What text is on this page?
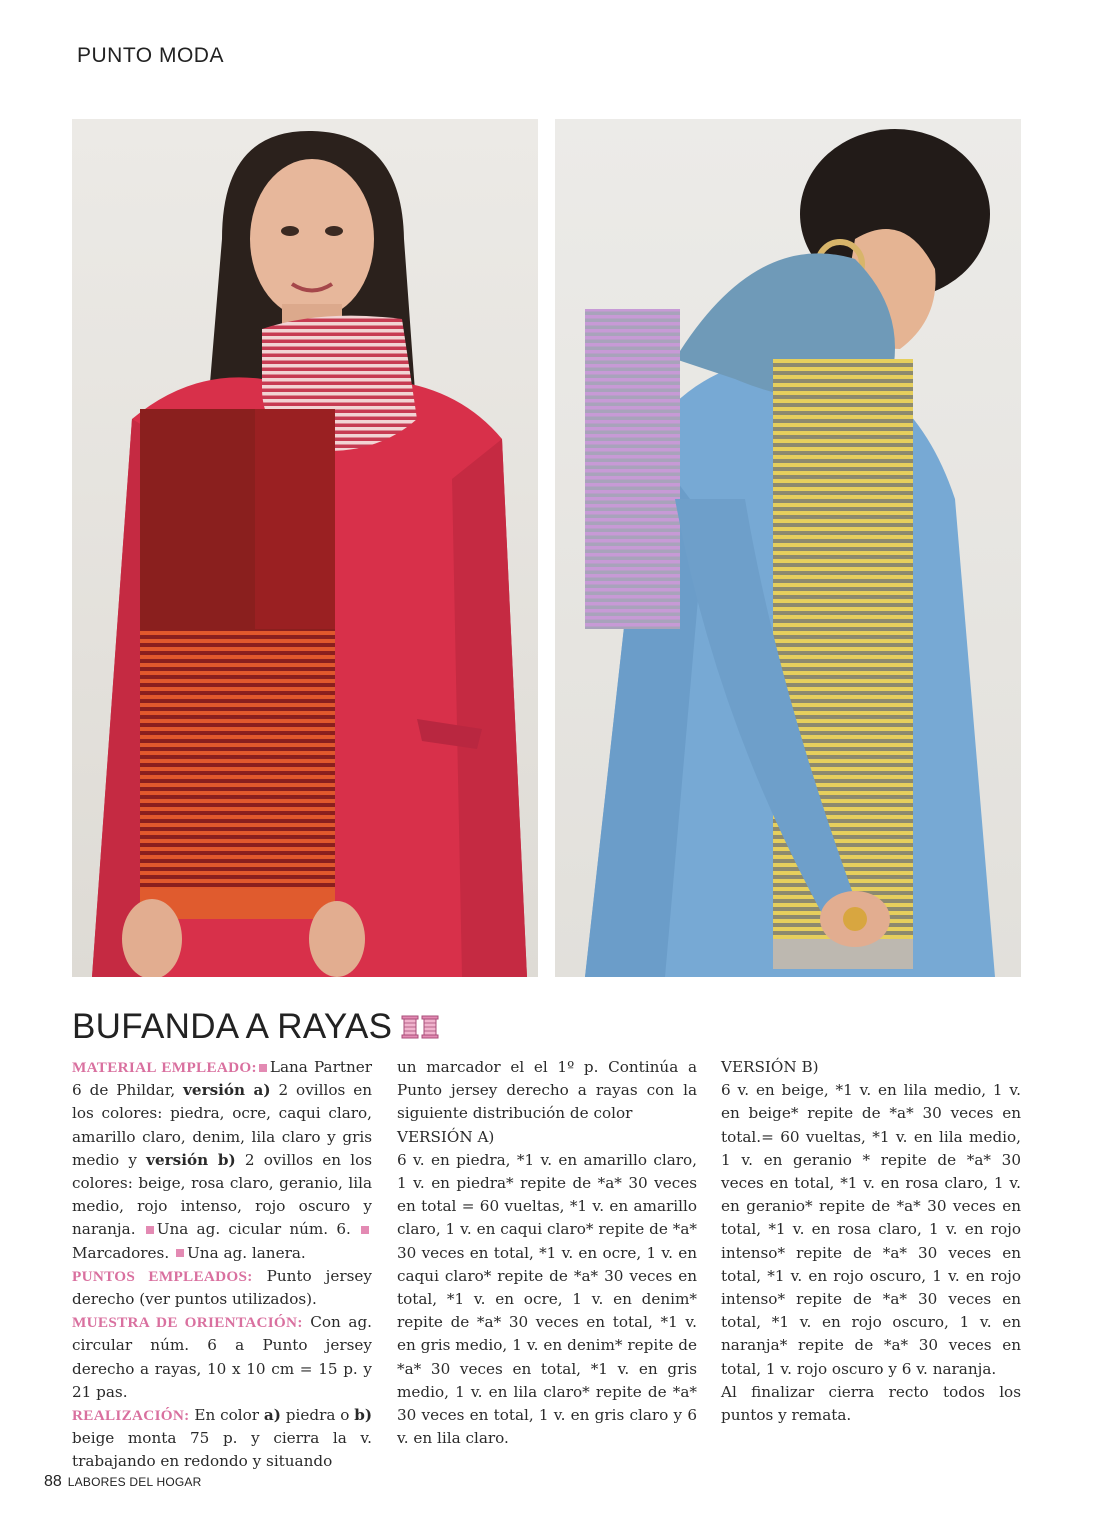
PUNTO MODA
BUFANDA A RAYAS

MATERIAL EMPLEADO: Lana Partner 6 de Phildar, versión a) 2 ovillos en los colores: piedra, ocre, caqui claro, amarillo claro, denim, lila claro y gris medio y versión b) 2 ovillos en los colores: beige, rosa claro, geranio, lila medio, rojo intenso, rojo oscuro y naranja. Una ag. cicular núm. 6. Marcadores. Una ag. lanera.

PUNTOS EMPLEADOS: Punto jersey derecho (ver puntos utilizados).

MUESTRA DE ORIENTACIÓN: Con ag. circular núm. 6 a Punto jersey derecho a rayas, 10 x 10 cm = 15 p. y 21 pas.

REALIZACIÓN: En color a) piedra o b) beige monta 75 p. y cierra la v. trabajando en redondo y situando

un marcador el el 1º p. Continúa a Punto jersey derecho a rayas con la siguiente distribución de color

VERSIÓN A)

6 v. en piedra, *1 v. en amarillo claro, 1 v. en piedra* repite de *a* 30 veces en total = 60 vueltas, *1 v. en amarillo claro, 1 v. en caqui claro* repite de *a* 30 veces en total, *1 v. en ocre, 1 v. en caqui claro* repite de *a* 30 veces en total, *1 v. en ocre, 1 v. en denim* repite de *a* 30 veces en total, *1 v. en gris medio, 1 v. en denim* repite de *a* 30 veces en total, *1 v. en gris medio, 1 v. en lila claro* repite de *a* 30 veces en total, 1 v. en gris claro y 6 v. en lila claro.

VERSIÓN B)

6 v. en beige, *1 v. en lila medio, 1 v. en beige* repite de *a* 30 veces en total.= 60 vueltas, *1 v. en lila medio, 1 v. en geranio * repite de *a* 30 veces en total, *1 v. en rosa claro, 1 v. en geranio* repite de *a* 30 veces en total, *1 v. en rosa claro, 1 v. en rojo intenso* repite de *a* 30 veces en total, *1 v. en rojo oscuro, 1 v. en rojo intenso* repite de *a* 30 veces en total, *1 v. en rojo oscuro, 1 v. en naranja* repite de *a* 30 veces en total, 1 v. rojo oscuro y 6 v. naranja.

Al finalizar cierra recto todos los puntos y remata.

88 LABORES DEL HOGAR
